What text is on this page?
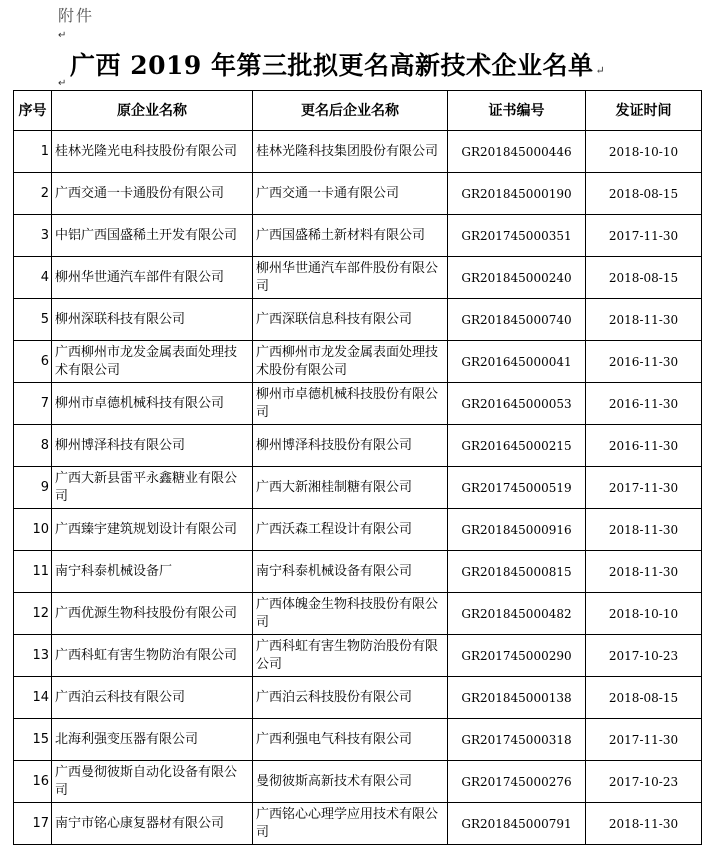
附件
↵
广西 2019 年第三批拟更名高新技术企业名单 ↵
↵
序号	原企业名称	更名后企业名称	证书编号	发证时间
1	桂林光隆光电科技股份有限公司	桂林光隆科技集团股份有限公司	GR201845000446	2018-10-10
2	广西交通一卡通股份有限公司	广西交通一卡通有限公司	GR201845000190	2018-08-15
3	中铝广西国盛稀土开发有限公司	广西国盛稀土新材料有限公司	GR201745000351	2017-11-30
4	柳州华世通汽车部件有限公司	柳州华世通汽车部件股份有限公司	GR201845000240	2018-08-15
5	柳州深联科技有限公司	广西深联信息科技有限公司	GR201845000740	2018-11-30
6	广西柳州市龙发金属表面处理技术有限公司	广西柳州市龙发金属表面处理技术股份有限公司	GR201645000041	2016-11-30
7	柳州市卓德机械科技有限公司	柳州市卓德机械科技股份有限公司	GR201645000053	2016-11-30
8	柳州博泽科技有限公司	柳州博泽科技股份有限公司	GR201645000215	2016-11-30
9	广西大新县雷平永鑫糖业有限公司	广西大新湘桂制糖有限公司	GR201745000519	2017-11-30
10	广西臻宇建筑规划设计有限公司	广西沃森工程设计有限公司	GR201845000916	2018-11-30
11	南宁科泰机械设备厂	南宁科泰机械设备有限公司	GR201845000815	2018-11-30
12	广西优源生物科技股份有限公司	广西体魄金生物科技股份有限公司	GR201845000482	2018-10-10
13	广西科虹有害生物防治有限公司	广西科虹有害生物防治股份有限公司	GR201745000290	2017-10-23
14	广西泊云科技有限公司	广西泊云科技股份有限公司	GR201845000138	2018-08-15
15	北海利强变压器有限公司	广西利强电气科技有限公司	GR201745000318	2017-11-30
16	广西曼彻彼斯自动化设备有限公司	曼彻彼斯高新技术有限公司	GR201745000276	2017-10-23
17	南宁市铭心康复器材有限公司	广西铭心心理学应用技术有限公司	GR201845000791	2018-11-30
